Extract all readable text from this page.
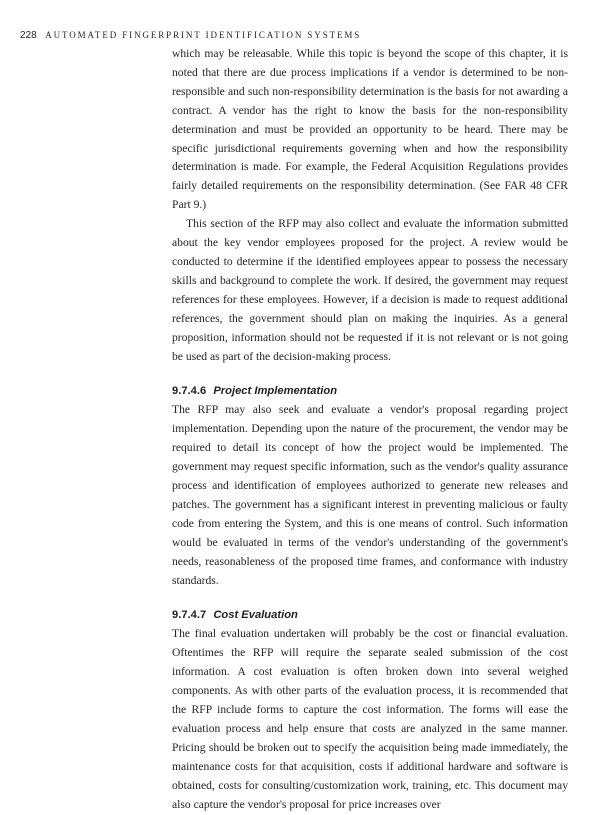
228 AUTOMATED FINGERPRINT IDENTIFICATION SYSTEMS

which may be releasable. While this topic is beyond the scope of this chapter, it is noted that there are due process implications if a vendor is determined to be non-responsible and such non-responsibility determination is the basis for not awarding a contract. A vendor has the right to know the basis for the non-responsibility determination and must be provided an opportunity to be heard. There may be specific jurisdictional requirements governing when and how the responsibility determination is made. For example, the Federal Acquisition Regulations provides fairly detailed requirements on the responsibility determination. (See FAR 48 CFR Part 9.)

This section of the RFP may also collect and evaluate the information submitted about the key vendor employees proposed for the project. A review would be conducted to determine if the identified employees appear to possess the necessary skills and background to complete the work. If desired, the government may request references for these employees. However, if a decision is made to request additional references, the government should plan on making the inquiries. As a general proposition, information should not be requested if it is not relevant or is not going be used as part of the decision-making process.

9.7.4.6 Project Implementation

The RFP may also seek and evaluate a vendor's proposal regarding project implementation. Depending upon the nature of the procurement, the vendor may be required to detail its concept of how the project would be implemented. The government may request specific information, such as the vendor's quality assurance process and identification of employees authorized to generate new releases and patches. The government has a significant interest in preventing malicious or faulty code from entering the System, and this is one means of control. Such information would be evaluated in terms of the vendor's understanding of the government's needs, reasonableness of the proposed time frames, and conformance with industry standards.

9.7.4.7 Cost Evaluation

The final evaluation undertaken will probably be the cost or financial evaluation. Oftentimes the RFP will require the separate sealed submission of the cost information. A cost evaluation is often broken down into several weighed components. As with other parts of the evaluation process, it is recommended that the RFP include forms to capture the cost information. The forms will ease the evaluation process and help ensure that costs are analyzed in the same manner. Pricing should be broken out to specify the acquisition being made immediately, the maintenance costs for that acquisition, costs if additional hardware and software is obtained, costs for consulting/customization work, training, etc. This document may also capture the vendor's proposal for price increases over
